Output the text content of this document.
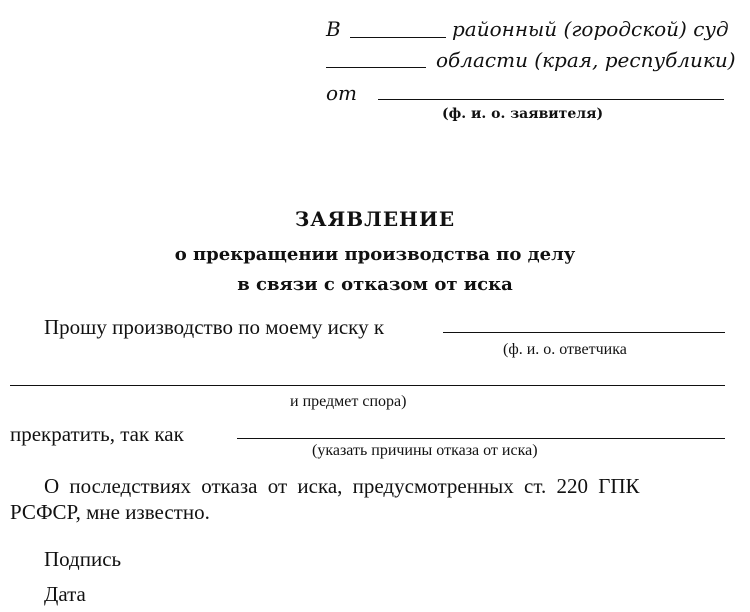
В	районный (городской) суд
области (края, республики)
от
(ф. и. о. заявителя)
ЗАЯВЛЕНИЕ
о прекращении производства по делу
в связи с отказом от иска
Прошу производство по моему иску к
(ф. и. о. ответчика
и предмет спора)
прекратить, так как
(указать причины отказа от иска)
О последствиях отказа от иска, предусмотренных ст. 220 ГПК
РСФСР, мне известно.
Подпись
Дата
